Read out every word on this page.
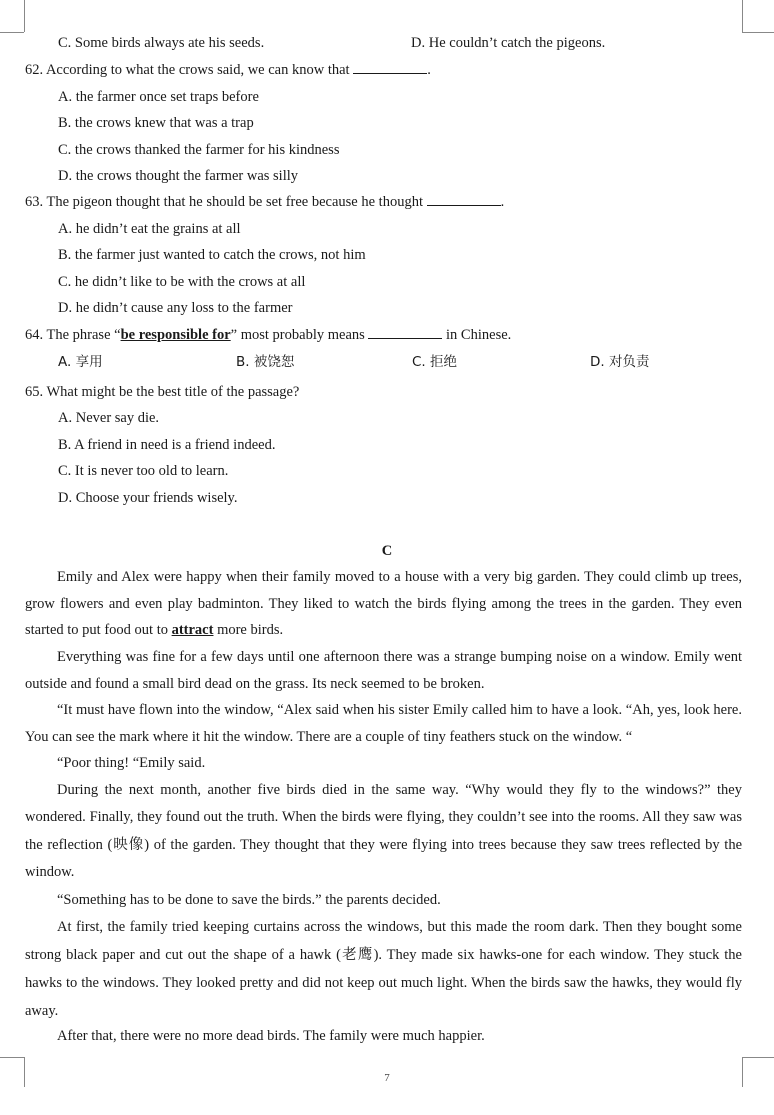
C. Some birds always ate his seeds.	D. He couldn’t catch the pigeons.
62. According to what the crows said, we can know that	.
A. the farmer once set traps before
B. the crows knew that was a trap
C. the crows thanked the farmer for his kindness
D. the crows thought the farmer was silly
63. The pigeon thought that he should be set free because he thought	.
A. he didn’t eat the grains at all
B. the farmer just wanted to catch the crows, not him
C. he didn’t like to be with the crows at all
D. he didn’t cause any loss to the farmer
64. The phrase “be responsible for” most probably means	in Chinese.
A. 享用	B. 被饶恕	C. 拒绝	D. 对负责
65. What might be the best title of the passage?
A. Never say die.
B. A friend in need is a friend indeed.
C. It is never too old to learn.
D. Choose your friends wisely.
C
Emily and Alex were happy when their family moved to a house with a very big garden. They could climb up trees, grow flowers and even play badminton. They liked to watch the birds flying among the trees in the garden. They even started to put food out to attract more birds.
Everything was fine for a few days until one afternoon there was a strange bumping noise on a window. Emily went outside and found a small bird dead on the grass. Its neck seemed to be broken.
“It must have flown into the window, “Alex said when his sister Emily called him to have a look. “Ah, yes, look here. You can see the mark where it hit the window. There are a couple of tiny feathers stuck on the window. “
“Poor thing! “Emily said.
During the next month, another five birds died in the same way. “Why would they fly to the windows?” they wondered. Finally, they found out the truth. When the birds were flying, they couldn’t see into the rooms. All they saw was the reflection (映像) of the garden. They thought that they were flying into trees because they saw trees reflected by the window.
“Something has to be done to save the birds.” the parents decided.
At first, the family tried keeping curtains across the windows, but this made the room dark. Then they bought some strong black paper and cut out the shape of a hawk (老鹰). They made six hawks-one for each window. They stuck the hawks to the windows. They looked pretty and did not keep out much light. When the birds saw the hawks, they would fly away.
After that, there were no more dead birds. The family were much happier.
7
